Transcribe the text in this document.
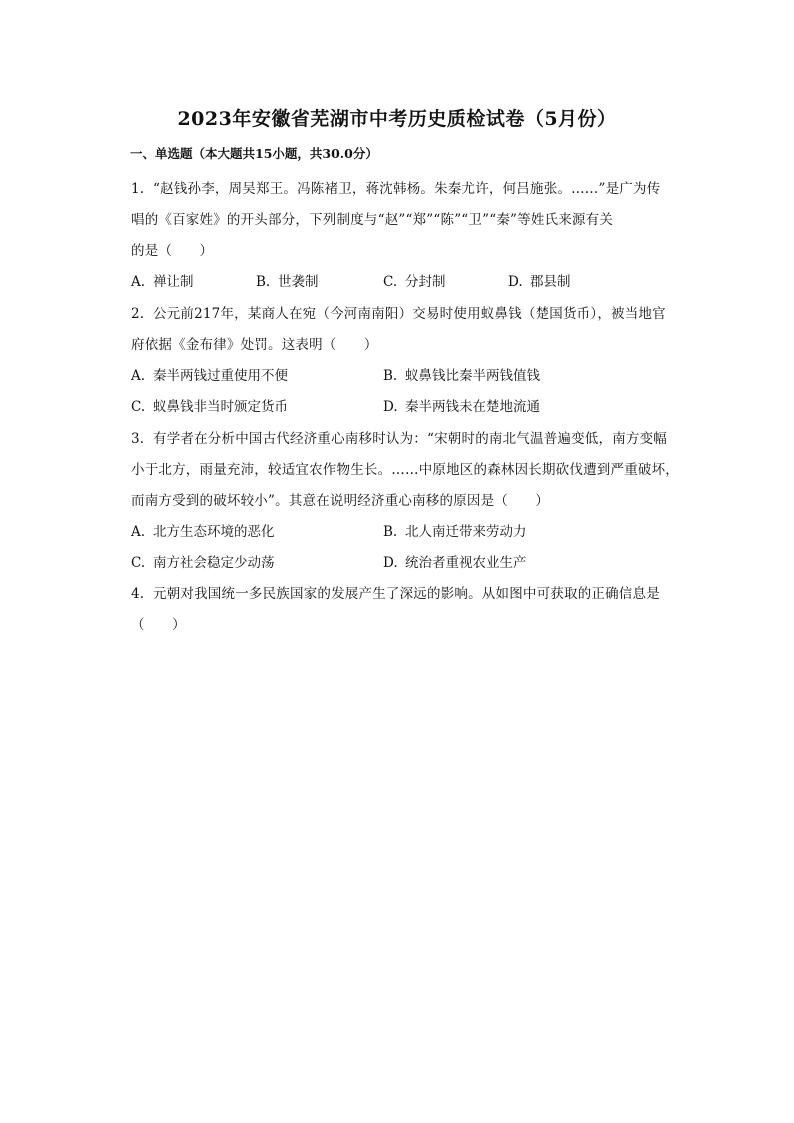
2023年安徽省芜湖市中考历史质检试卷（5月份）
一、单选题（本大题共15小题，共30.0分）
1. “赵钱孙李，周吴郑王。冯陈褚卫，蒋沈韩杨。朱秦尤许，何吕施张。……”是广为传
唱的《百家姓》的开头部分，下列制度与“赵”“郑”“陈”“卫”“秦”等姓氏来源有关
的是（　　）
A. 禅让制	B. 世袭制	C. 分封制	D. 郡县制
2. 公元前217年，某商人在宛（今河南南阳）交易时使用蚁鼻钱（楚国货币），被当地官
府依据《金布律》处罚。这表明（　　）
A. 秦半两钱过重使用不便	B. 蚁鼻钱比秦半两钱值钱
C. 蚁鼻钱非当时颁定货币	D. 秦半两钱未在楚地流通
3. 有学者在分析中国古代经济重心南移时认为：“宋朝时的南北气温普遍变低，南方变幅
小于北方，雨量充沛，较适宜农作物生长。……中原地区的森林因长期砍伐遭到严重破坏，
而南方受到的破坏较小”。其意在说明经济重心南移的原因是（　　）
A. 北方生态环境的恶化	B. 北人南迁带来劳动力
C. 南方社会稳定少动荡	D. 统治者重视农业生产
4. 元朝对我国统一多民族国家的发展产生了深远的影响。从如图中可获取的正确信息是
（　　）
